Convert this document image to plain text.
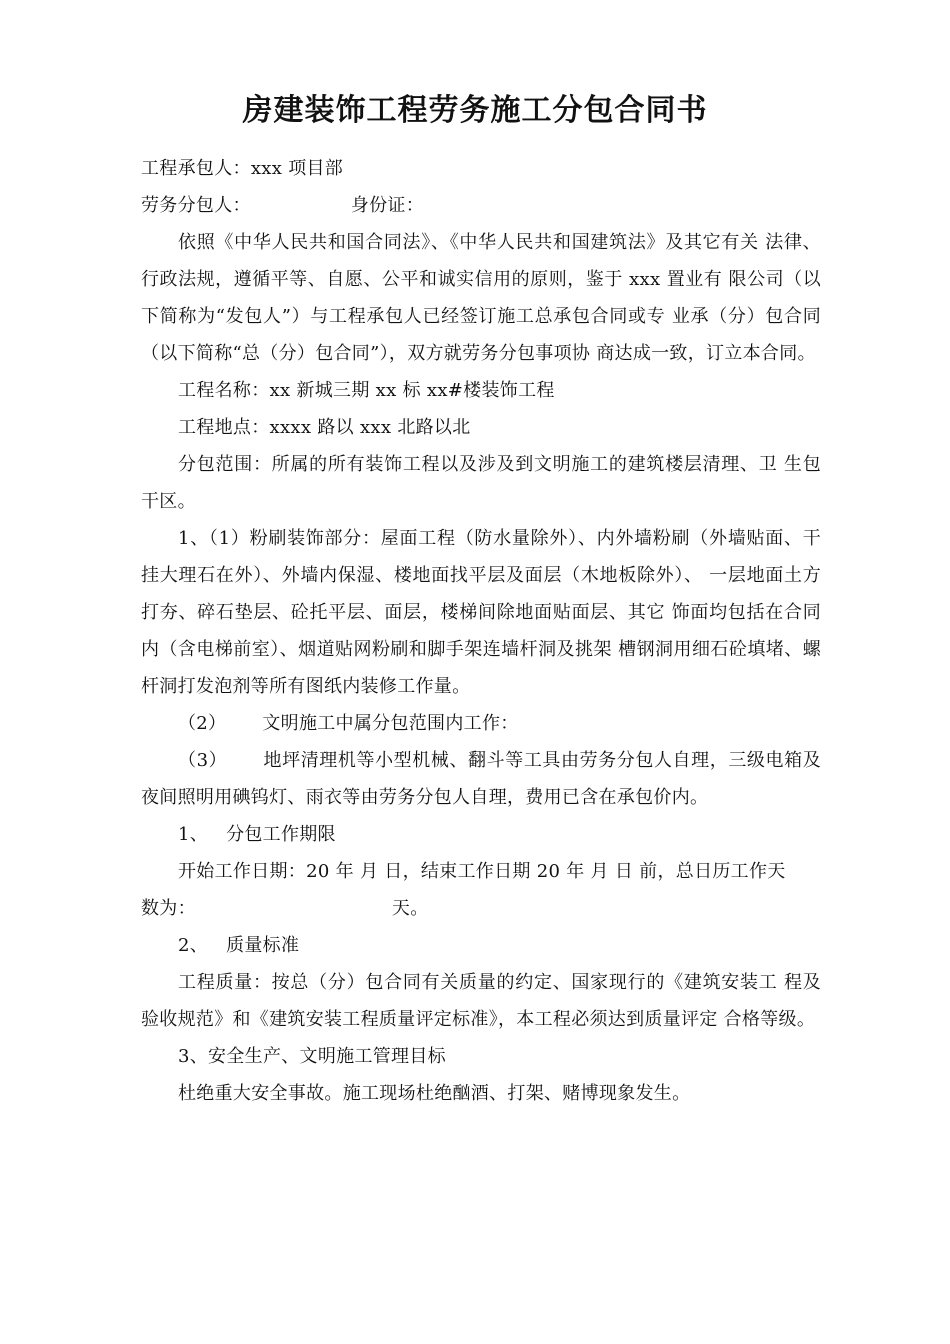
房建装饰工程劳务施工分包合同书

工程承包人：xxx 项目部

劳务分包人：	身份证：

依照《中华人民共和国合同法》、《中华人民共和国建筑法》及其它有关 法律、行政法规，遵循平等、自愿、公平和诚实信用的原则，鉴于 xxx 置业有 限公司（以下简称为“发包人”）与工程承包人已经签订施工总承包合同或专 业承（分）包合同（以下简称“总（分）包合同”），双方就劳务分包事项协 商达成一致，订立本合同。

工程名称：xx 新城三期 xx 标 xx#楼装饰工程

工程地点：xxxx 路以 xxx 北路以北

分包范围：所属的所有装饰工程以及涉及到文明施工的建筑楼层清理、卫 生包干区。

1、（1）粉刷装饰部分：屋面工程（防水量除外）、内外墙粉刷（外墙贴面、干挂大理石在外）、外墙内保湿、楼地面找平层及面层（木地板除外）、 一层地面土方打夯、碎石垫层、砼托平层、面层，楼梯间除地面贴面层、其它 饰面均包括在合同内（含电梯前室）、烟道贴网粉刷和脚手架连墙杆洞及挑架 槽钢洞用细石砼填堵、螺杆洞打发泡剂等所有图纸内装修工作量。

（2） 文明施工中属分包范围内工作：

（3） 地坪清理机等小型机械、翻斗等工具由劳务分包人自理，三级电箱及 夜间照明用碘钨灯、雨衣等由劳务分包人自理，费用已含在承包价内。

1、 分包工作期限

开始工作日期：20 年 月 日，结束工作日期 20 年 月 日 前，总日历工作天

数为：	天。

2、 质量标准

工程质量：按总（分）包合同有关质量的约定、国家现行的《建筑安装工 程及验收规范》和《建筑安装工程质量评定标准》，本工程必须达到质量评定 合格等级。

3、安全生产、文明施工管理目标

杜绝重大安全事故。施工现场杜绝酗酒、打架、赌博现象发生。
